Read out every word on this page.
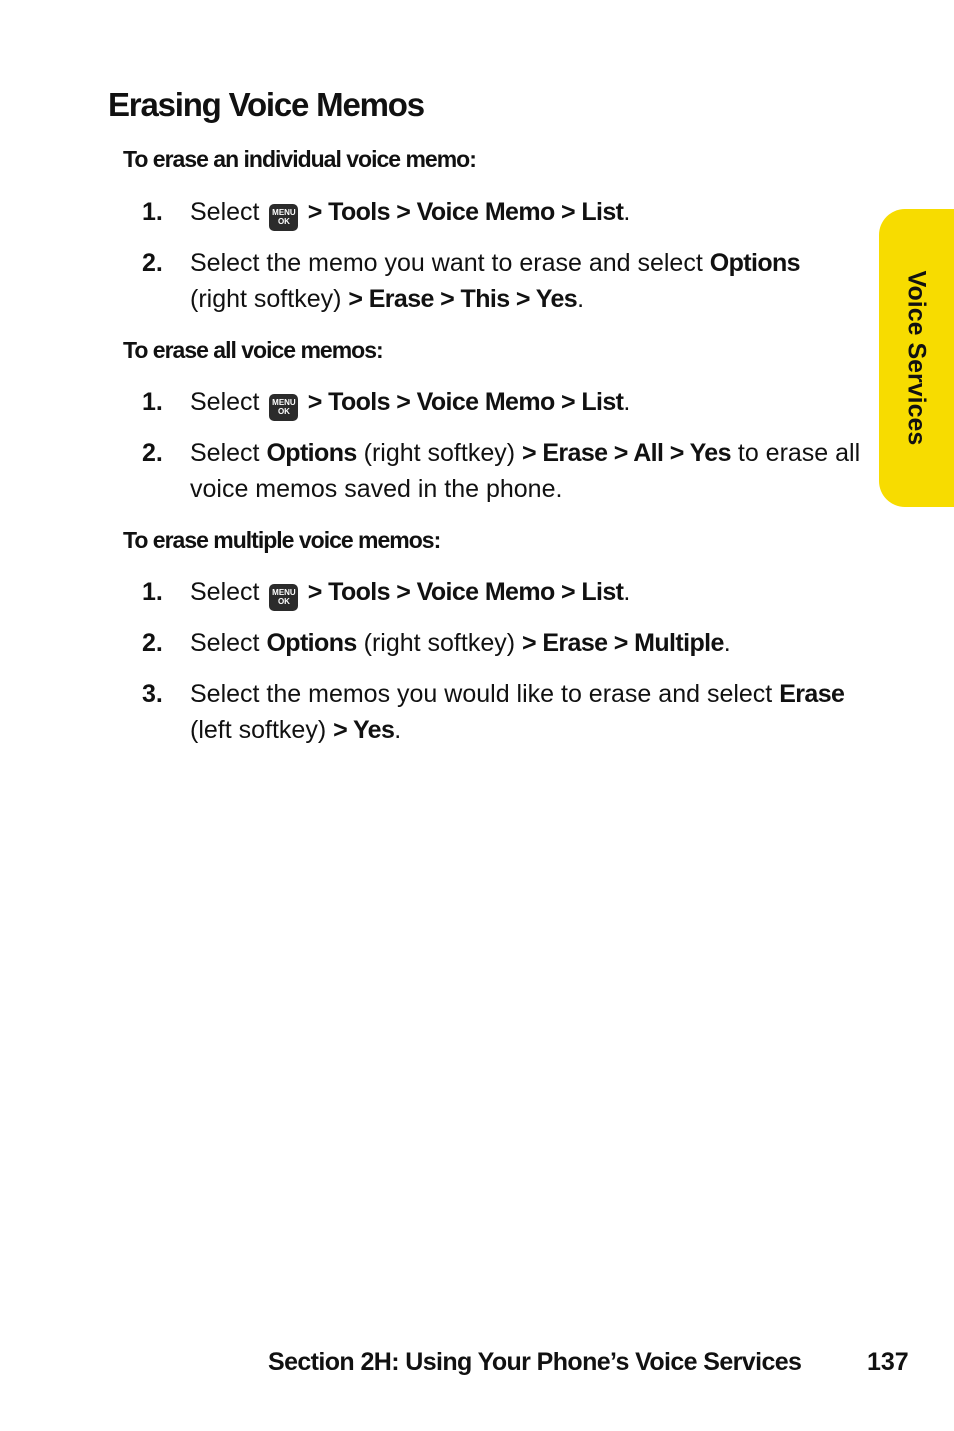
Erasing Voice Memos
To erase an individual voice memo:
1.	Select MENU
OK > Tools > Voice Memo > List.
2.	Select the memo you want to erase and select Options (right softkey) > Erase > This > Yes.
To erase all voice memos:
1.	Select MENU
OK > Tools > Voice Memo > List.
2.	Select Options (right softkey) > Erase > All > Yes to erase all voice memos saved in the phone.
To erase multiple voice memos:
1.	Select MENU
OK > Tools > Voice Memo > List.
2.	Select Options (right softkey) > Erase > Multiple.
3.	Select the memos you would like to erase and select Erase (left softkey) > Yes.
Voice Services
Section 2H: Using Your Phone’s Voice Services	137
